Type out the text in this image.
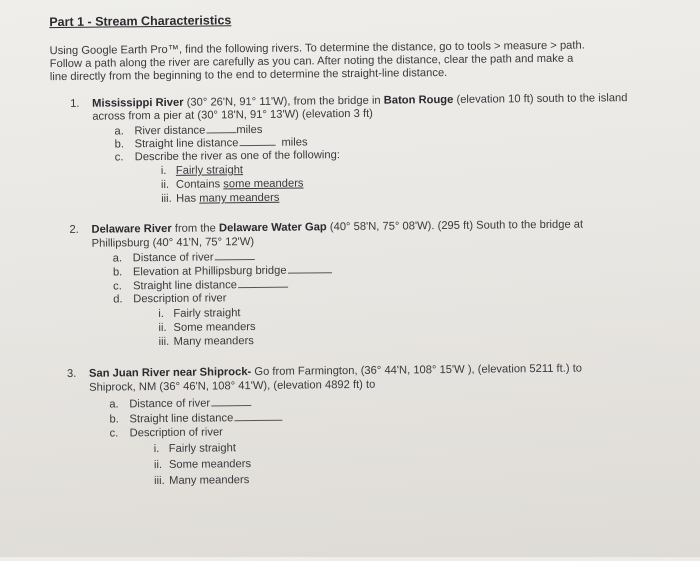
Part 1 - Stream Characteristics
Using Google Earth Pro™, find the following rivers. To determine the distance, go to tools > measure > path.
Follow a path along the river are carefully as you can. After noting the distance, clear the path and make a
line directly from the beginning to the end to determine the straight-line distance.
1. Mississippi River (30° 26'N, 91° 11'W), from the bridge in Baton Rouge (elevation 10 ft) south to the island
across from a pier at (30° 18'N, 91° 13'W) (elevation 3 ft)
a. River distance	miles
b. Straight line distance	miles
c. Describe the river as one of the following:
i. Fairly straight
ii. Contains some meanders
iii. Has many meanders
2. Delaware River from the Delaware Water Gap (40° 58'N, 75° 08'W). (295 ft) South to the bridge at
Phillipsburg (40° 41'N, 75° 12'W)
a. Distance of river
b. Elevation at Phillipsburg bridge
c. Straight line distance
d. Description of river
i. Fairly straight
ii. Some meanders
iii. Many meanders
3. San Juan River near Shiprock- Go from Farmington, (36° 44'N, 108° 15'W ), (elevation 5211 ft.) to
Shiprock, NM (36° 46'N, 108° 41'W), (elevation 4892 ft) to
a. Distance of river
b. Straight line distance
c. Description of river
i. Fairly straight
ii. Some meanders
iii. Many meanders
